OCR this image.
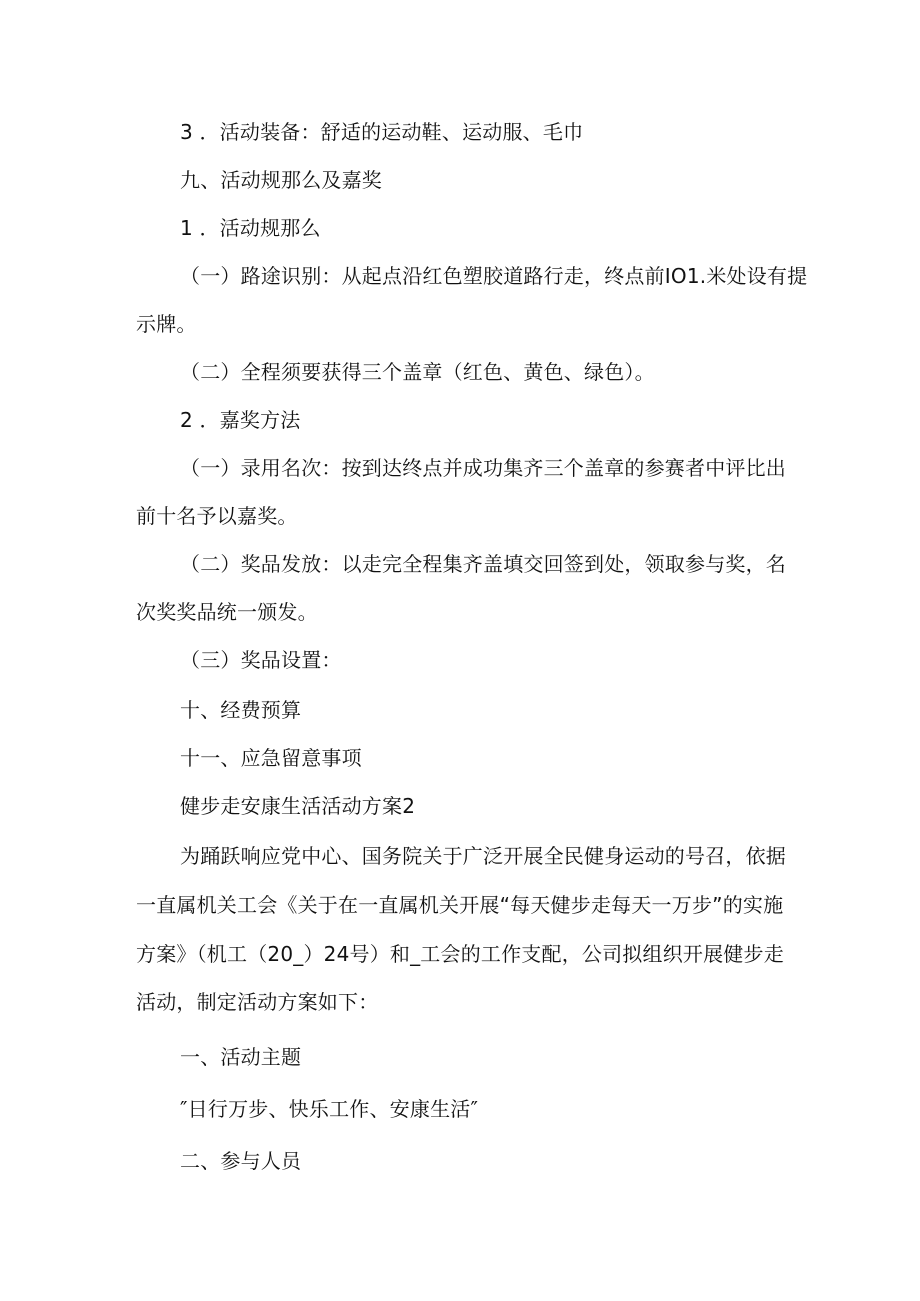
3 ．活动装备：舒适的运动鞋、运动服、毛巾
九、活动规那么及嘉奖
1 ．活动规那么
（一）路途识别：从起点沿红色塑胶道路行走，终点前IO1.米处设有提
示牌。
（二）全程须要获得三个盖章（红色、黄色、绿色）。
2 ．嘉奖方法
（一）录用名次：按到达终点并成功集齐三个盖章的参赛者中评比出
前十名予以嘉奖。
（二）奖品发放：以走完全程集齐盖填交回签到处，领取参与奖，名
次奖奖品统一颁发。
（三）奖品设置：
十、经费预算
十一、应急留意事项
健步走安康生活活动方案2
为踊跃响应党中心、国务院关于广泛开展全民健身运动的号召，依据
一直属机关工会《关于在一直属机关开展“每天健步走每天一万步”的实施
方案》（机工（20_）24号）和_工会的工作支配，公司拟组织开展健步走
活动，制定活动方案如下：
一、活动主题
″日行万步、快乐工作、安康生活″
二、参与人员
